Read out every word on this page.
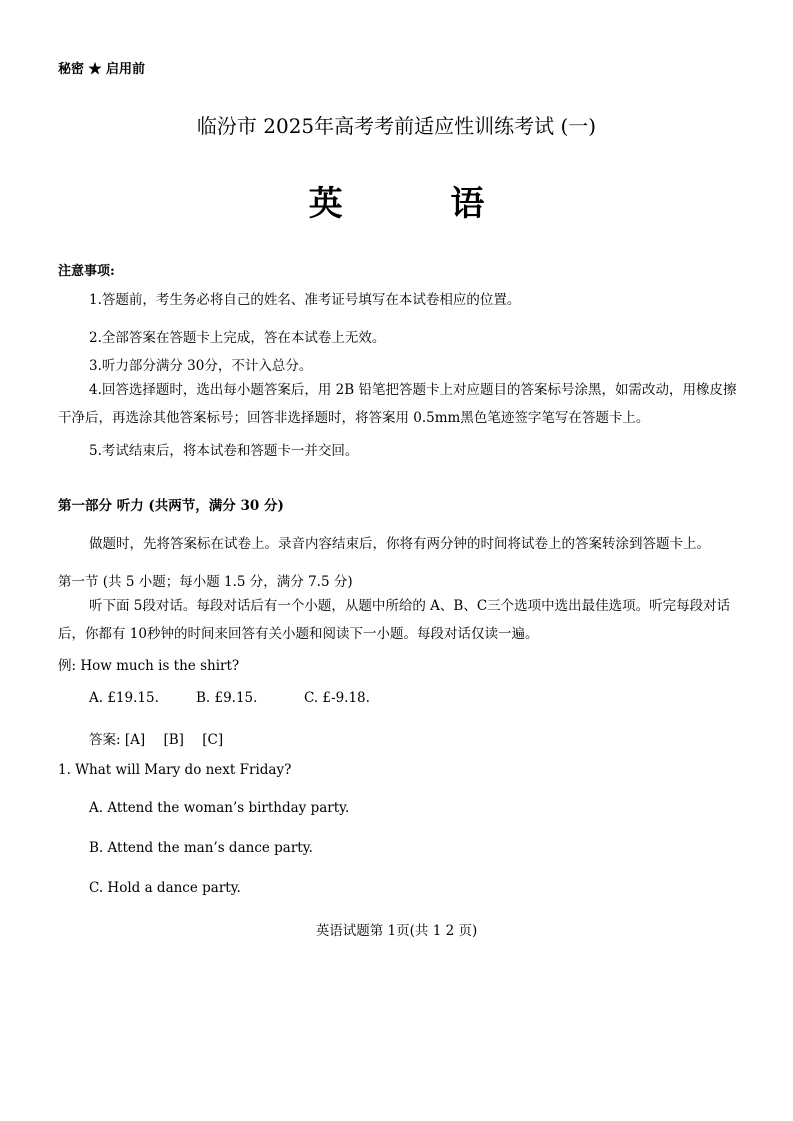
秘密 ★ 启用前
临汾市 2025年高考考前适应性训练考试 (一)
英 语
注意事项:
1.答题前，考生务必将自己的姓名、准考证号填写在本试卷相应的位置。
2.全部答案在答题卡上完成，答在本试卷上无效。
3.听力部分满分 30分，不计入总分。
4.回答选择题时，选出每小题答案后，用 2B 铅笔把答题卡上对应题目的答案标号涂黑，如需改动，用橡皮擦干净后，再选涂其他答案标号；回答非选择题时，将答案用 0.5mm黑色笔迹签字笔写在答题卡上。
5.考试结束后，将本试卷和答题卡一并交回。
第一部分 听力 (共两节，满分 30 分)
做题时，先将答案标在试卷上。录音内容结束后，你将有两分钟的时间将试卷上的答案转涂到答题卡上。
第一节 (共 5 小题；每小题 1.5 分，满分 7.5 分)
听下面 5段对话。每段对话后有一个小题，从题中所给的 A、B、C三个选项中选出最佳选项。听完每段对话后，你都有 10秒钟的时间来回答有关小题和阅读下一小题。每段对话仅读一遍。
例: How much is the shirt?
A. £19.15.	B. £9.15.	C. £-9.18.
答案: [A] [B] [C]
1. What will Mary do next Friday?
A. Attend the woman’s birthday party.
B. Attend the man’s dance party.
C. Hold a dance party.
英语试题第 1页(共 1 2 页)
